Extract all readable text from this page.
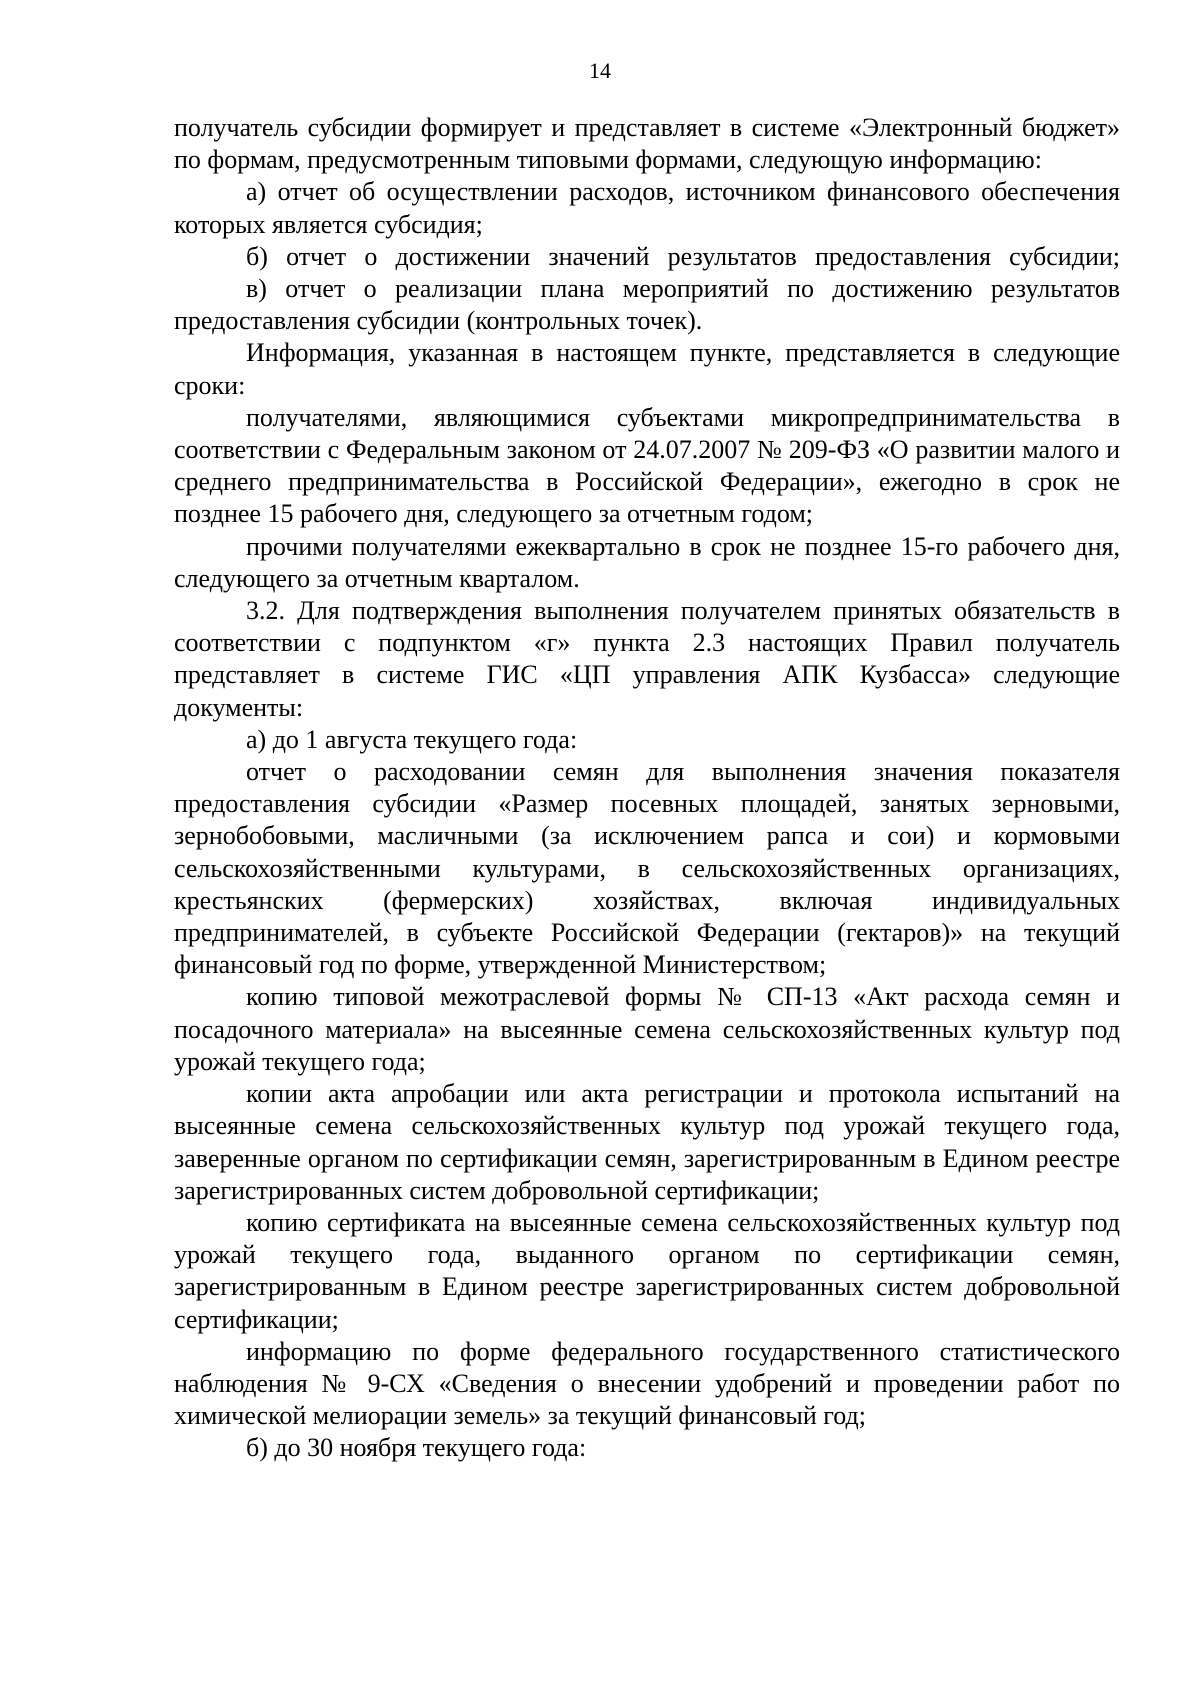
14

получатель субсидии формирует и представляет в системе «Электронный бюджет» по формам, предусмотренным типовыми формами, следующую информацию:

а) отчет об осуществлении расходов, источником финансового обеспечения которых является субсидия;

б) отчет о достижении значений результатов предоставления субсидии;

в) отчет о реализации плана мероприятий по достижению результатов предоставления субсидии (контрольных точек).

Информация, указанная в настоящем пункте, представляется в следующие сроки:

получателями, являющимися субъектами микропредпринимательства в соответствии с Федеральным законом от 24.07.2007 № 209-ФЗ «О развитии малого и среднего предпринимательства в Российской Федерации», ежегодно в срок не позднее 15 рабочего дня, следующего за отчетным годом;

прочими получателями ежеквартально в срок не позднее 15-го рабочего дня, следующего за отчетным кварталом.

3.2. Для подтверждения выполнения получателем принятых обязательств в соответствии с подпунктом «г» пункта 2.3 настоящих Правил получатель представляет в системе ГИС «ЦП управления АПК Кузбасса» следующие документы:

а) до 1 августа текущего года:

отчет о расходовании семян для выполнения значения показателя предоставления субсидии «Размер посевных площадей, занятых зерновыми, зернобобовыми, масличными (за исключением рапса и сои) и кормовыми сельскохозяйственными культурами, в сельскохозяйственных организациях, крестьянских (фермерских) хозяйствах, включая индивидуальных предпринимателей, в субъекте Российской Федерации (гектаров)» на текущий финансовый год по форме, утвержденной Министерством;

копию типовой межотраслевой формы № СП-13 «Акт расхода семян и посадочного материала» на высеянные семена сельскохозяйственных культур под урожай текущего года;

копии акта апробации или акта регистрации и протокола испытаний на высеянные семена сельскохозяйственных культур под урожай текущего года, заверенные органом по сертификации семян, зарегистрированным в Едином реестре зарегистрированных систем добровольной сертификации;

копию сертификата на высеянные семена сельскохозяйственных культур под урожай текущего года, выданного органом по сертификации семян, зарегистрированным в Едином реестре зарегистрированных систем добровольной сертификации;

информацию по форме федерального государственного статистического наблюдения № 9-СХ «Сведения о внесении удобрений и проведении работ по химической мелиорации земель» за текущий финансовый год;

б) до 30 ноября текущего года:
